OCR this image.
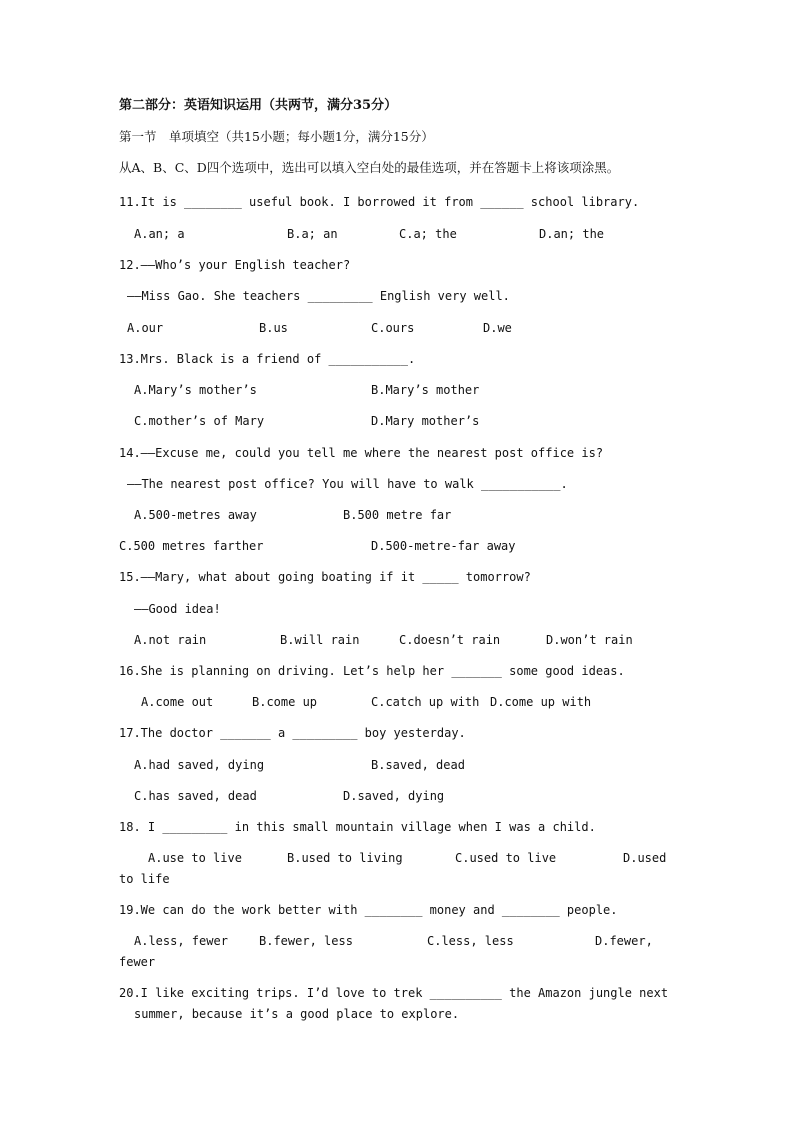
第二部分：英语知识运用（共两节，满分35分）
第一节　单项填空（共15小题；每小题1分，满分15分）
从A、B、C、D四个选项中，选出可以填入空白处的最佳选项，并在答题卡上将该项涂黑。
11.It is ________ useful book. I borrowed it from ______ school library.
A.an; a	B.a; an	C.a; the	D.an; the
12.——Who’s your English teacher?
——Miss Gao. She teachers _________ English very well.
A.our	B.us	C.ours	D.we
13.Mrs. Black is a friend of ___________.
A.Mary’s mother’s	B.Mary’s mother
C.mother’s of Mary	D.Mary mother’s
14.——Excuse me, could you tell me where the nearest post office is?
——The nearest post office? You will have to walk ___________.
A.500-metres away	B.500 metre far
C.500 metres farther	D.500-metre-far away
15.——Mary, what about going boating if it _____ tomorrow?
——Good idea!
A.not rain	B.will rain	C.doesn’t rain	D.won’t rain
16.She is planning on driving. Let’s help her _______ some good ideas.
A.come out	B.come up	C.catch up with D.come up with
17.The doctor _______ a _________ boy yesterday.
A.had saved, dying	B.saved, dead
C.has saved, dead	D.saved, dying
18. I _________ in this small mountain village when I was a child.
A.use to live	B.used to living	C.used to live	D.used
to life
19.We can do the work better with ________ money and ________ people.
A.less, fewer	B.fewer, less	C.less, less	D.fewer,
fewer
20.I like exciting trips. I’d love to trek __________ the Amazon jungle next
summer, because it’s a good place to explore.
